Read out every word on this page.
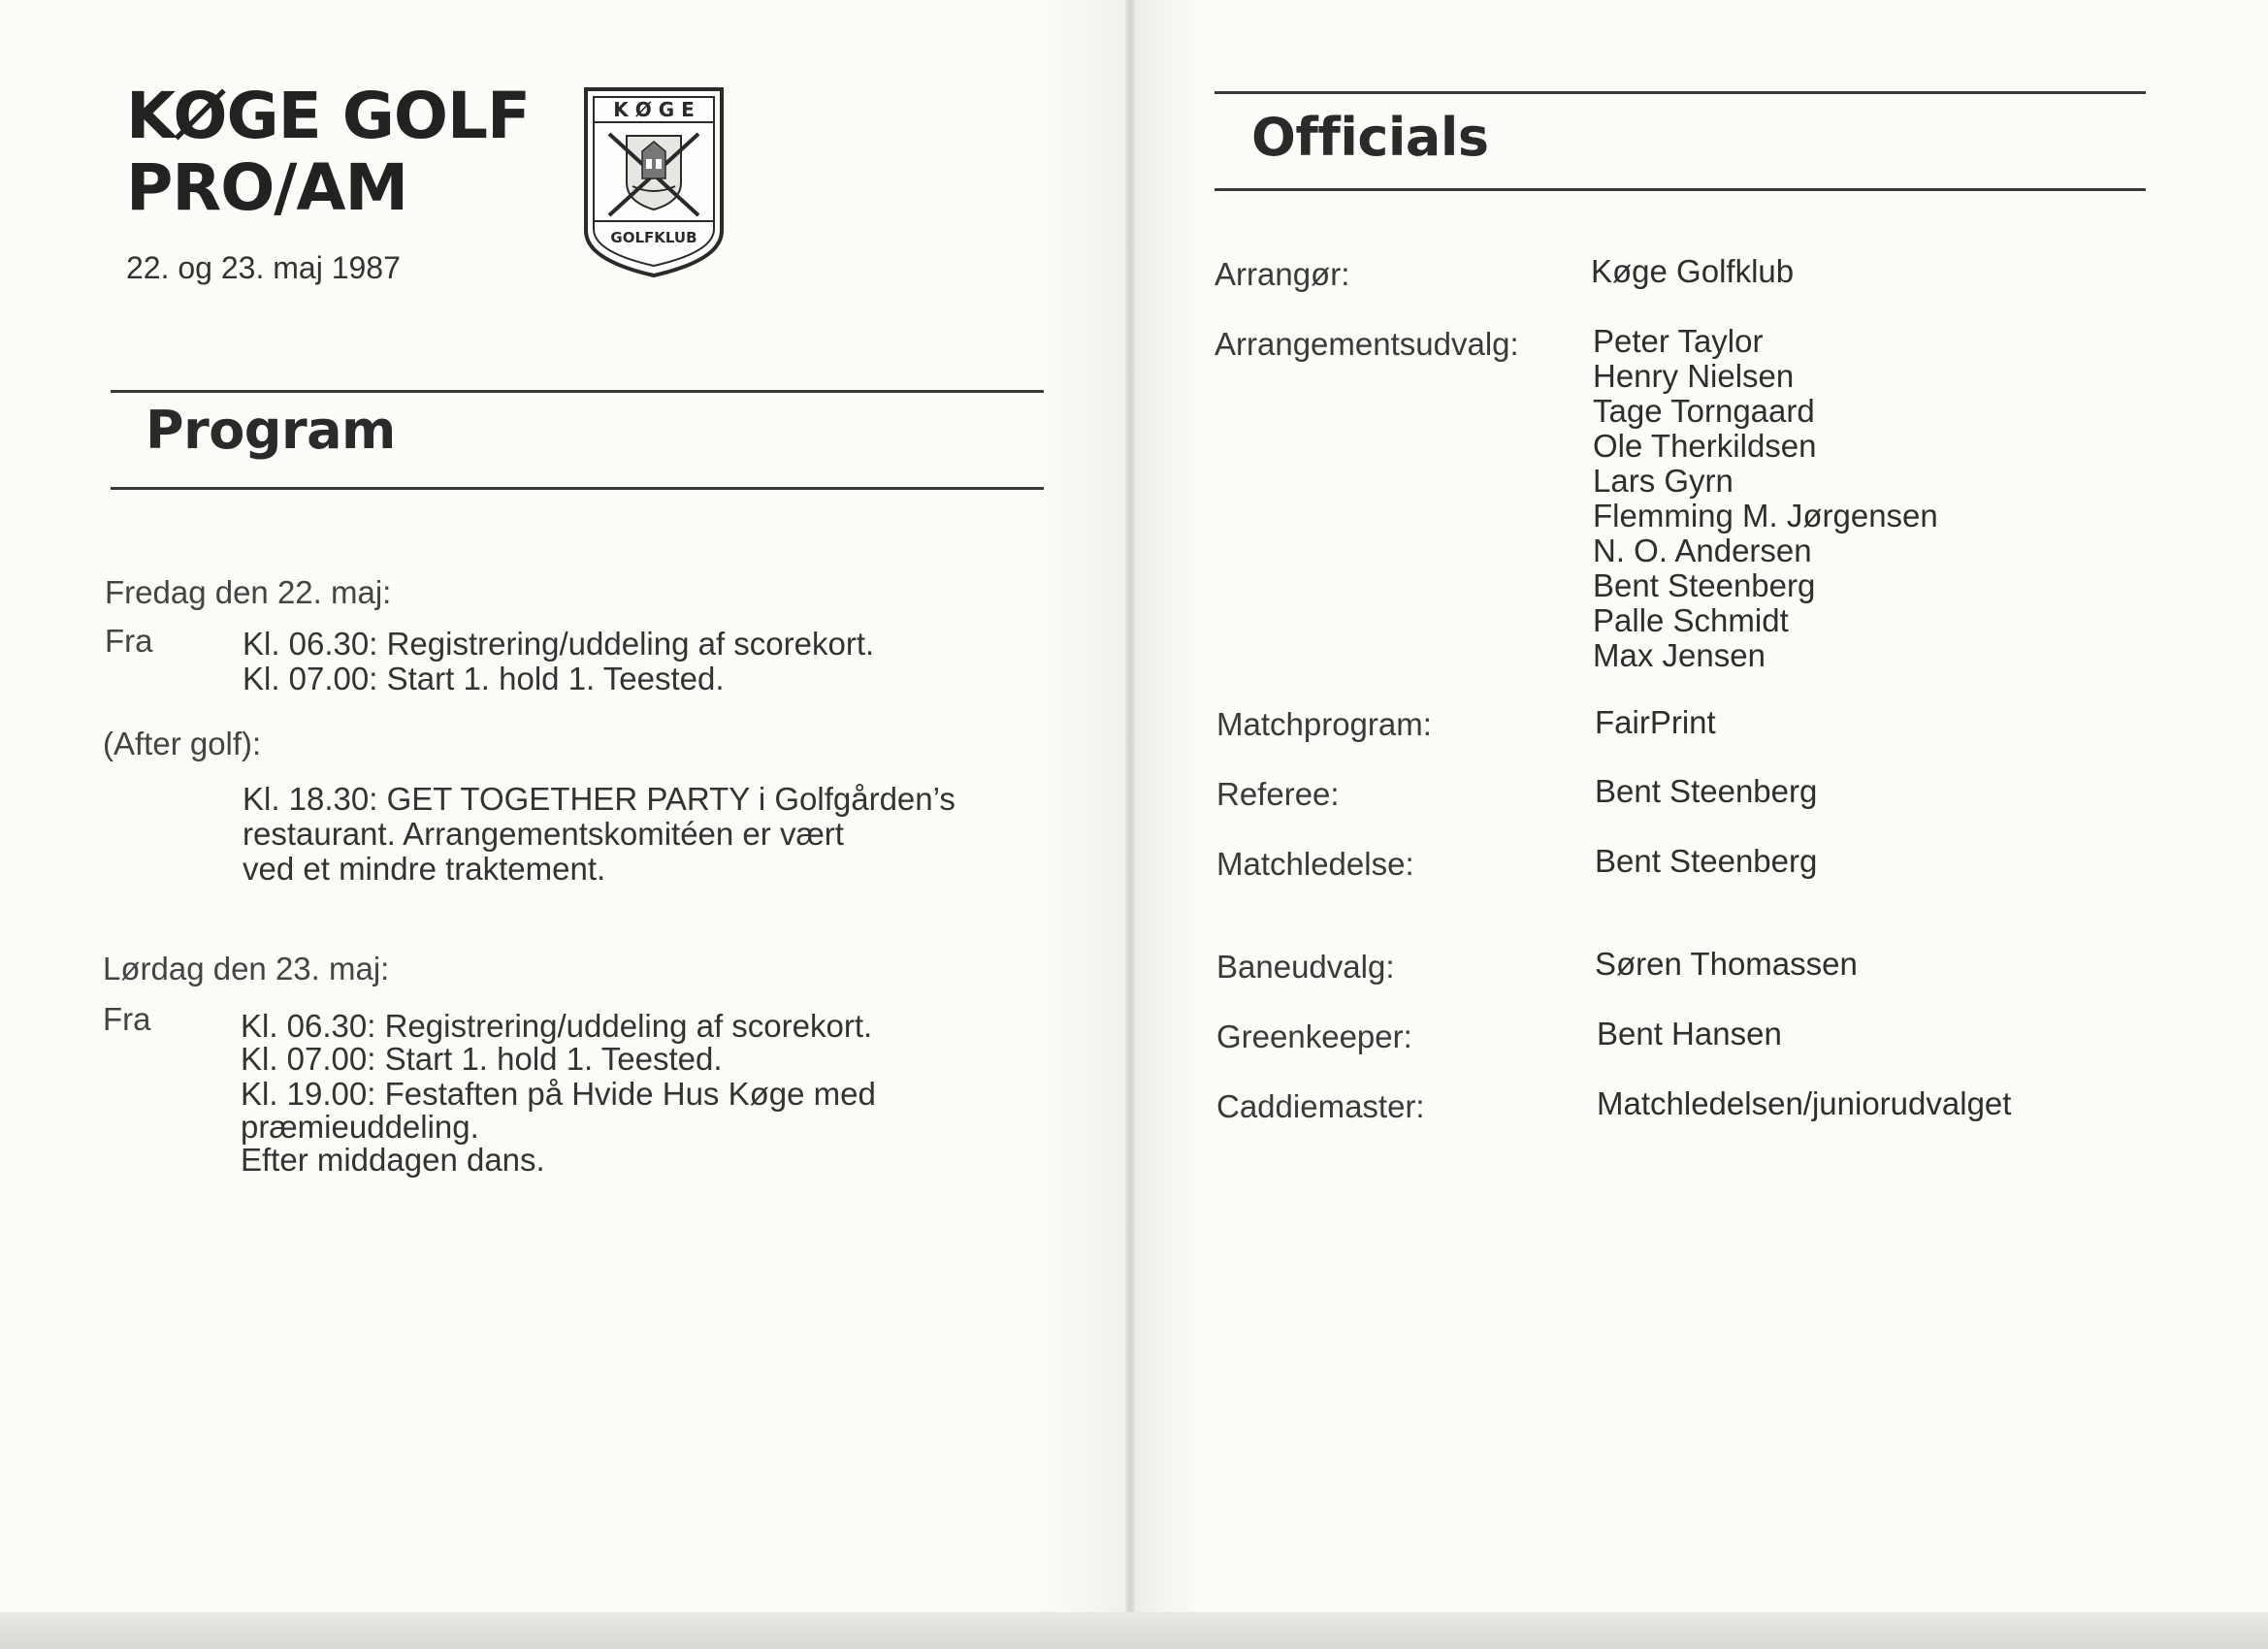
KØGE GOLF
PRO/AM
22. og 23. maj 1987
K Ø G E
GOLFKLUB
Program
Fredag den 22. maj:
Fra	Kl. 06.30: Registrering/uddeling af scorekort.
Kl. 07.00: Start 1. hold 1. Teested.
(After golf):
Kl. 18.30: GET TOGETHER PARTY i Golfgården’s
restaurant. Arrangementskomitéen er vært
ved et mindre traktement.
Lørdag den 23. maj:
Fra	Kl. 06.30: Registrering/uddeling af scorekort.
Kl. 07.00: Start 1. hold 1. Teested.
Kl. 19.00: Festaften på Hvide Hus Køge med
præmieuddeling.
Efter middagen dans.
Officials
Arrangør:	Køge Golfklub
Arrangementsudvalg: Peter Taylor
Henry Nielsen
Tage Torngaard
Ole Therkildsen
Lars Gyrn
Flemming M. Jørgensen
N. O. Andersen
Bent Steenberg
Palle Schmidt
Max Jensen
Matchprogram:	FairPrint
Referee:	Bent Steenberg
Matchledelse:	Bent Steenberg
Baneudvalg:	Søren Thomassen
Greenkeeper:	Bent Hansen
Caddiemaster:	Matchledelsen/juniorudvalget
